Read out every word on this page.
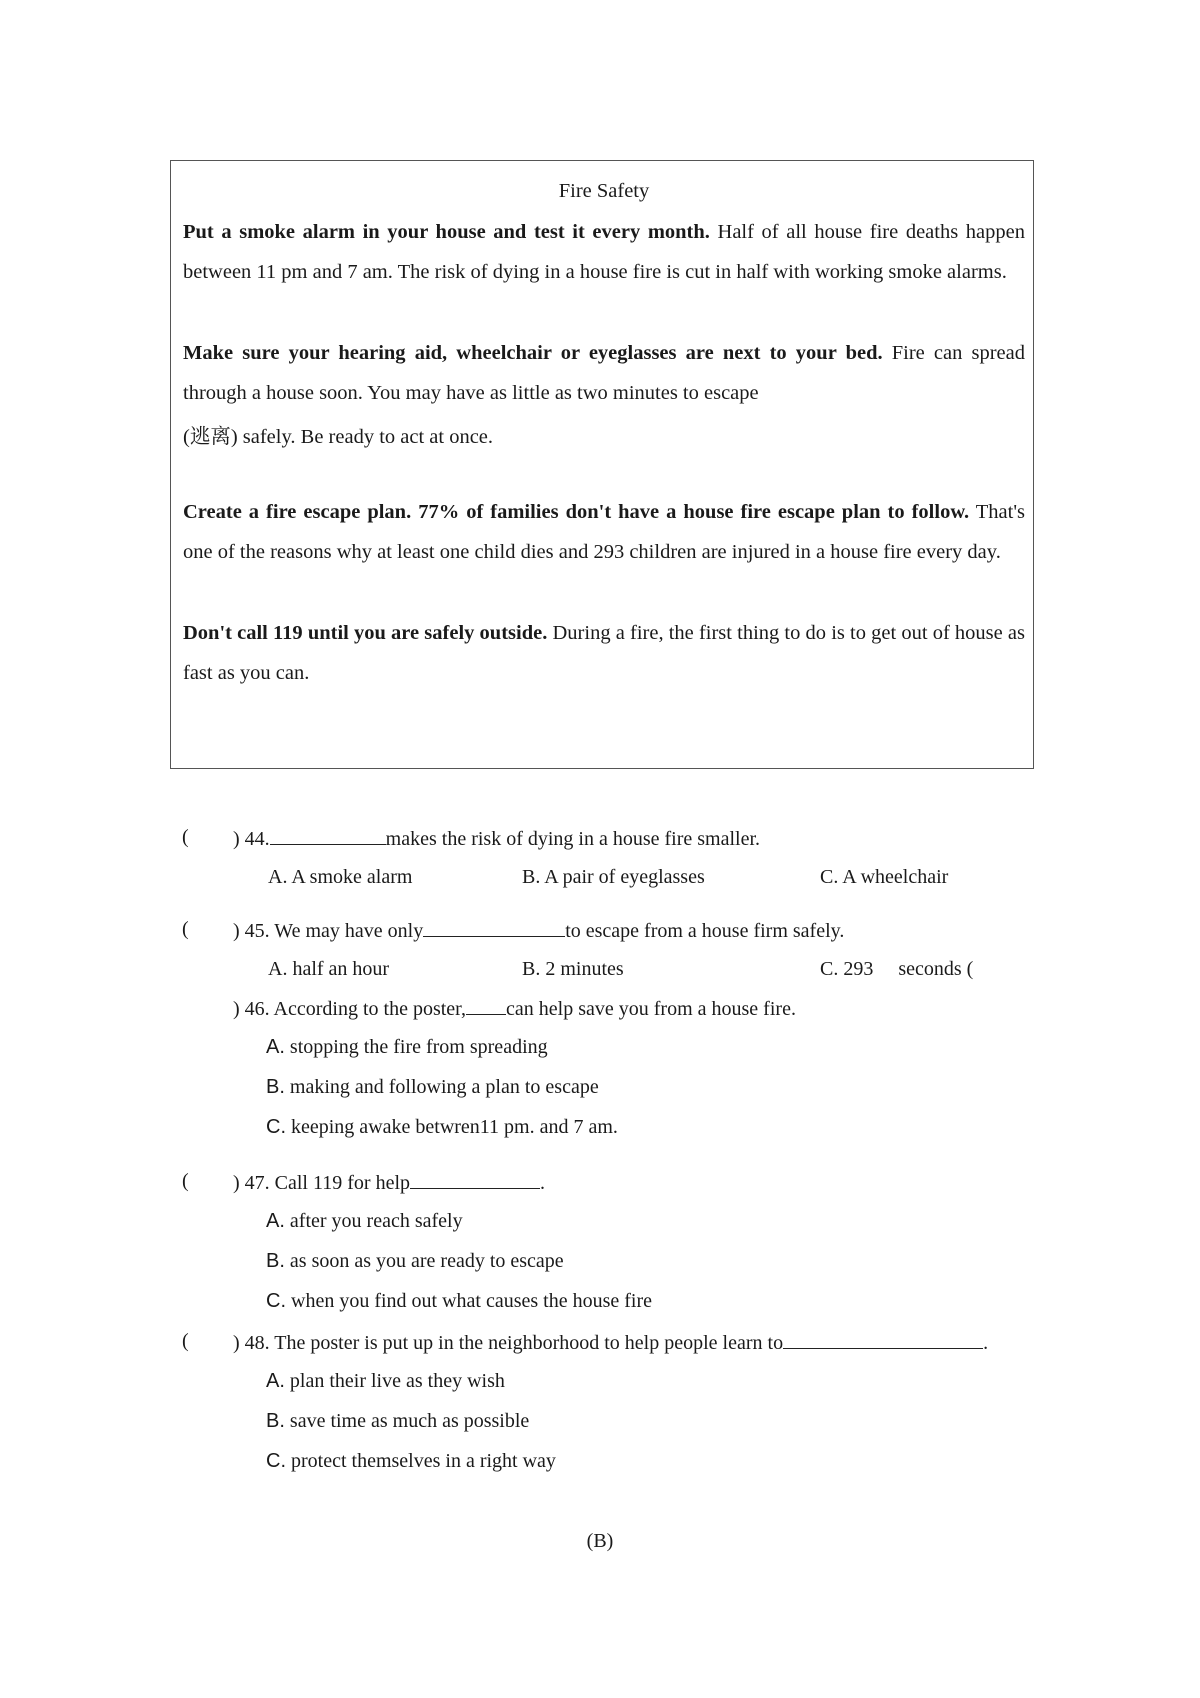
Fire Safety

Put a smoke alarm in your house and test it every month. Half of all house fire deaths happen between 11 pm and 7 am. The risk of dying in a house fire is cut in half with working smoke alarms.

Make sure your hearing aid, wheelchair or eyeglasses are next to your bed. Fire can spread through a house soon. You may have as little as two minutes to escape

(逃离) safely. Be ready to act at once.

Create a fire escape plan. 77% of families don't have a house fire escape plan to follow. That's one of the reasons why at least one child dies and 293 children are injured in a house fire every day.

Don't call 119 until you are safely outside. During a fire, the first thing to do is to get out of house as fast as you can.

( ) 44.	makes the risk of dying in a house fire smaller.
A. A smoke alarm	B. A pair of eyeglasses	C. A wheelchair
( ) 45. We may have only	to escape from a house firm safely.
A. half an hour	B. 2 minutes	C. 293     seconds (
) 46. According to the poster, can help save you from a house fire.
A. stopping the fire from spreading
B. making and following a plan to escape
C. keeping awake betwren11 pm. and 7 am.
( ) 47. Call 119 for help	.
A. after you reach safely
B. as soon as you are ready to escape
C. when you find out what causes the house fire
( ) 48. The poster is put up in the neighborhood to help people learn to	.
A. plan their live as they wish
B. save time as much as possible
C. protect themselves in a right way
(B)
